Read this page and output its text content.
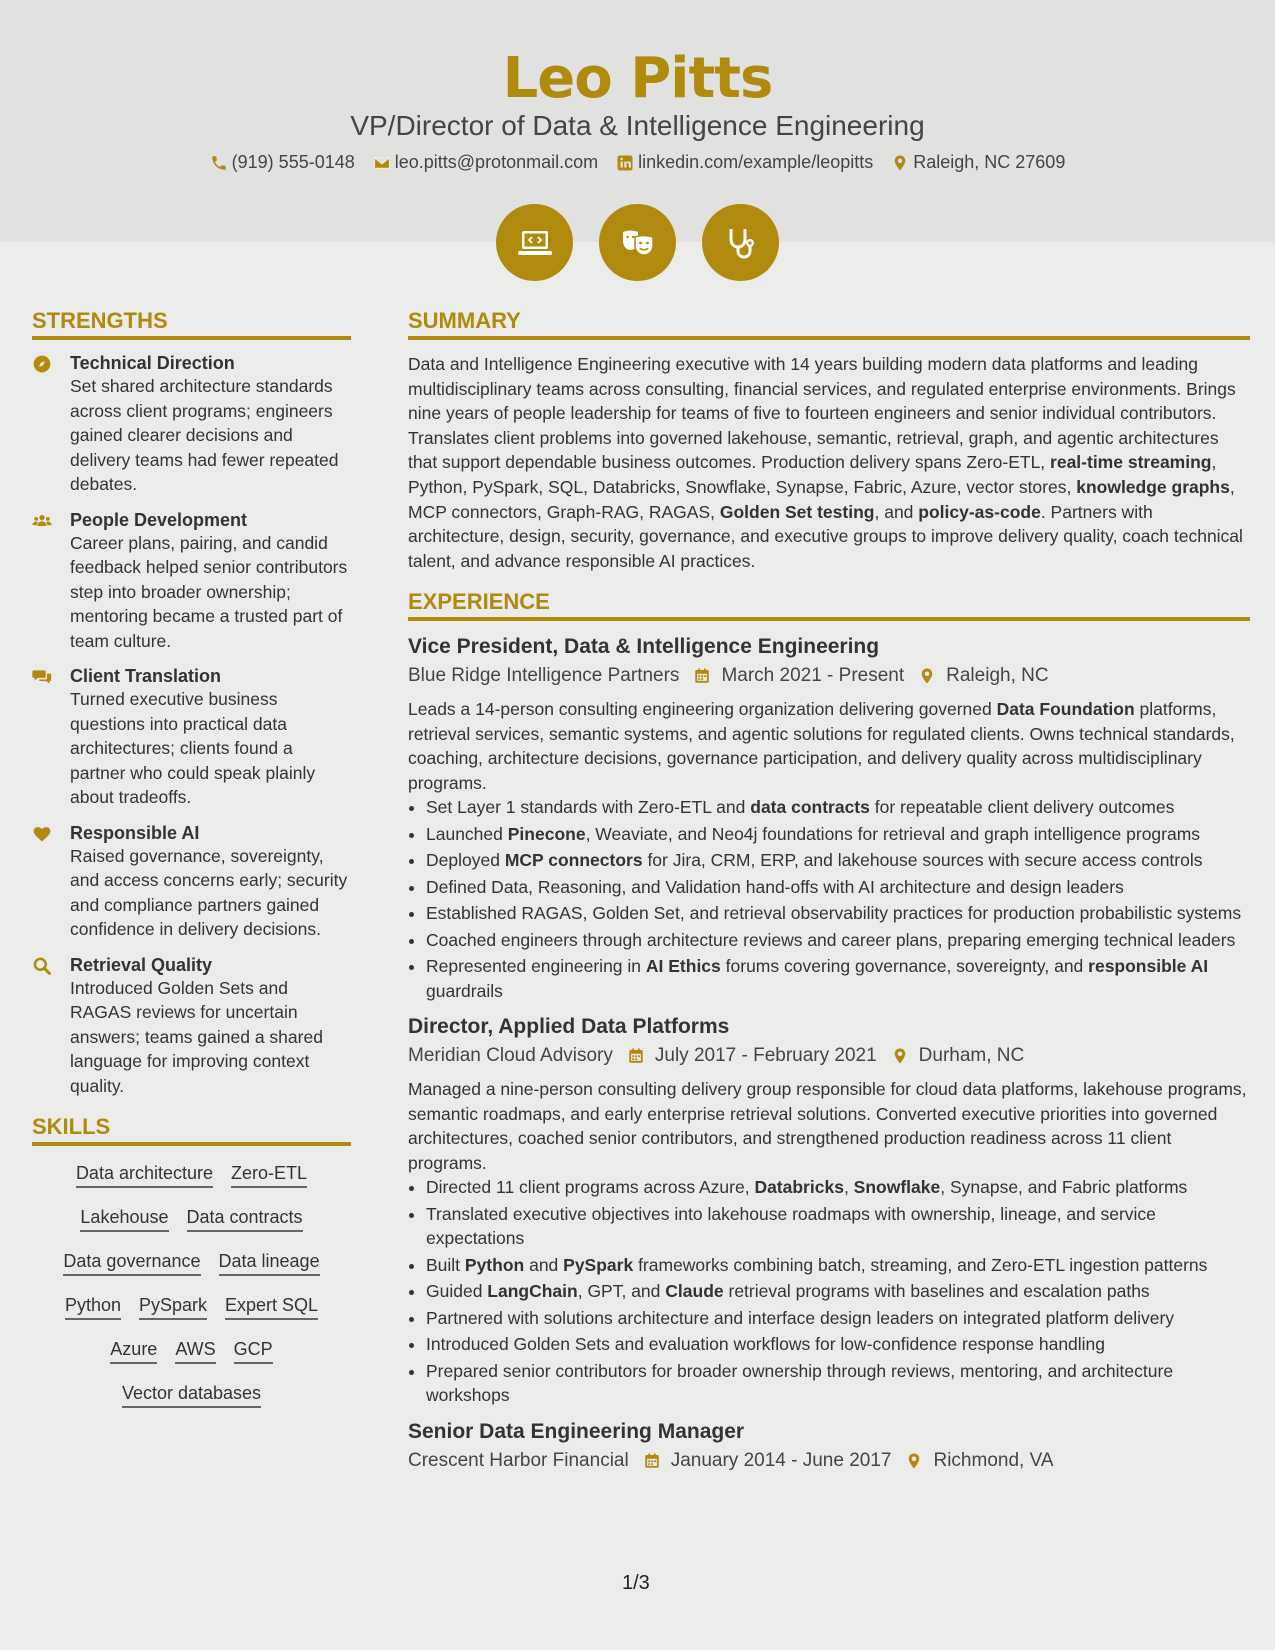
Leo Pitts
VP/Director of Data & Intelligence Engineering
(919) 555-0148 leo.pitts@protonmail.com linkedin.com/example/leopitts Raleigh, NC 27609
STRENGTHS
Technical Direction
Set shared architecture standards across client programs; engineers gained clearer decisions and delivery teams had fewer repeated debates.
People Development
Career plans, pairing, and candid feedback helped senior contributors step into broader ownership; mentoring became a trusted part of team culture.
Client Translation
Turned executive business questions into practical data architectures; clients found a partner who could speak plainly about tradeoffs.
Responsible AI
Raised governance, sovereignty, and access concerns early; security and compliance partners gained confidence in delivery decisions.
Retrieval Quality
Introduced Golden Sets and RAGAS reviews for uncertain answers; teams gained a shared language for improving context quality.
SKILLS
Data architecture Zero-ETL
Lakehouse Data contracts
Data governance Data lineage
Python PySpark Expert SQL
Azure AWS GCP
Vector databases
SUMMARY
Data and Intelligence Engineering executive with 14 years building modern data platforms and leading multidisciplinary teams across consulting, financial services, and regulated enterprise environments. Brings nine years of people leadership for teams of five to fourteen engineers and senior individual contributors. Translates client problems into governed lakehouse, semantic, retrieval, graph, and agentic architectures that support dependable business outcomes. Production delivery spans Zero-ETL, real-time streaming, Python, PySpark, SQL, Databricks, Snowflake, Synapse, Fabric, Azure, vector stores, knowledge graphs, MCP connectors, Graph-RAG, RAGAS, Golden Set testing, and policy-as-code. Partners with architecture, design, security, governance, and executive groups to improve delivery quality, coach technical talent, and advance responsible AI practices.
EXPERIENCE
Vice President, Data & Intelligence Engineering
Blue Ridge Intelligence Partners March 2021 - Present Raleigh, NC
Leads a 14-person consulting engineering organization delivering governed Data Foundation platforms, retrieval services, semantic systems, and agentic solutions for regulated clients. Owns technical standards, coaching, architecture decisions, governance participation, and delivery quality across multidisciplinary programs.
• Set Layer 1 standards with Zero-ETL and data contracts for repeatable client delivery outcomes
• Launched Pinecone, Weaviate, and Neo4j foundations for retrieval and graph intelligence programs
• Deployed MCP connectors for Jira, CRM, ERP, and lakehouse sources with secure access controls
• Defined Data, Reasoning, and Validation hand-offs with AI architecture and design leaders
• Established RAGAS, Golden Set, and retrieval observability practices for production probabilistic systems
• Coached engineers through architecture reviews and career plans, preparing emerging technical leaders
• Represented engineering in AI Ethics forums covering governance, sovereignty, and responsible AI guardrails
Director, Applied Data Platforms
Meridian Cloud Advisory July 2017 - February 2021 Durham, NC
Managed a nine-person consulting delivery group responsible for cloud data platforms, lakehouse programs, semantic roadmaps, and early enterprise retrieval solutions. Converted executive priorities into governed architectures, coached senior contributors, and strengthened production readiness across 11 client programs.
• Directed 11 client programs across Azure, Databricks, Snowflake, Synapse, and Fabric platforms
• Translated executive objectives into lakehouse roadmaps with ownership, lineage, and service expectations
• Built Python and PySpark frameworks combining batch, streaming, and Zero-ETL ingestion patterns
• Guided LangChain, GPT, and Claude retrieval programs with baselines and escalation paths
• Partnered with solutions architecture and interface design leaders on integrated platform delivery
• Introduced Golden Sets and evaluation workflows for low-confidence response handling
• Prepared senior contributors for broader ownership through reviews, mentoring, and architecture workshops
Senior Data Engineering Manager
Crescent Harbor Financial January 2014 - June 2017 Richmond, VA
1/3
